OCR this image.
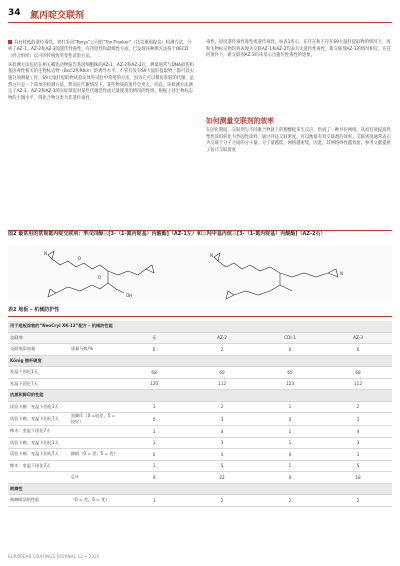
34 氮丙啶交联剂

具有较低的遗传毒性。曾打采用“Toxys”公司的“Tox-Tracker”（托克斯追踪仪）检测方法，分析了AZ-1、AZ-2和AZ-3的遗传性毒性。有待原性和最级性方面。已发现该种测方法按于OECD（经合组织）以可的传统致突变性试验方法。

该检测方法包括在相关哺乳动物报告基因细胞株的AZ-1、AZ-2和AZ-3后，测量通常与DNA损伤和基因毒性相关的生物标志物（Bscl2和Rtkn）的诱导水平。不管有没有S9大鼠肝提取物，都可以实施这项测量工作，S9大鼠肝提取物试验在体外试验中常用的方法，因为它可以模仿肝脏的代谢。虽然这只是一个简单的检测方法，然而在代谢情况下，某些物质的遗传会更大，所以，该检测方法测定了AZ-1、AZ-2和AZ-3的实际情况对某些代谢活性或过量使用的情况的性情。根据上述生物标志物的上调水平，得化合物分类为非遗传毒性、

毒性，轻度遗传毒性毒性或遗传毒性。如表1所示，在存在和不存在S9大鼠肝提取物的情况下，再和生物标记物均将表现为交联AZ-1和AZ-2均表为无遗传性毒性。新交联剂AZ-3的情况相反，在任何条件下，新交联剂AZ-3均未显示出遗传性毒性的迹象。

如何测量交联剂的效率

在固化期间，交联剂与不同聚合物链上的羧酸把来生反应，形成了一种共价网络，从而有效提高热塑性涂料转化为热固性涂料，通过评估交联密度，可以衡量有效交联剂的效率。交联密度通常表示为交联于分子之间的分子量，分子量越低，网络越密集，因此，其网络终性越致密，参考文献提供了估计交联密度

图2 最常用的常规氮丙啶交联剂：季戊四醇三[3-（1-氮丙啶基）丙酸酯]（AZ-1左）和三羟甲基丙烷三[3-（1-氮丙啶基）丙酸酯]（AZ-2右）
O
O
OH
N	N
N
表2 地板 – 机械防护性
用于地板涂装的“NeoCryl XK-12”配方 – 机械防性能					
交联剂		无	AZ-2	CDI-1	AZ-3
交联剂添加量	质量分数/%	0	2	6	6
König 摆杆硬度					
室温下固化1天		68	69	65	68
室温下固化7天		120	112	123	112
抗黑和脚印的性能					
试验卡模：室温下固化1天		1	2	1	2
试验卡模：室温下固化7天	黑脚印（0 =较差，5 =较好）	0	3	0	3
橡木：室温下固化7天		1	4	1	4
试验卡模：室温下固化1天		1	3	1	3
试验卡模：室温下固化7天	擦痕（0 = 差，5 = 优）	0	4	0	3
橡木：室温下固化7天		1	5	1	5
	总计	4	22	4	18
耐磨性					
耐咖啡渍的性能	（0 = 差，5 = 优）	1	2	2	2
EUROPEAN COATINGS JOURNAL 12 • 2020
